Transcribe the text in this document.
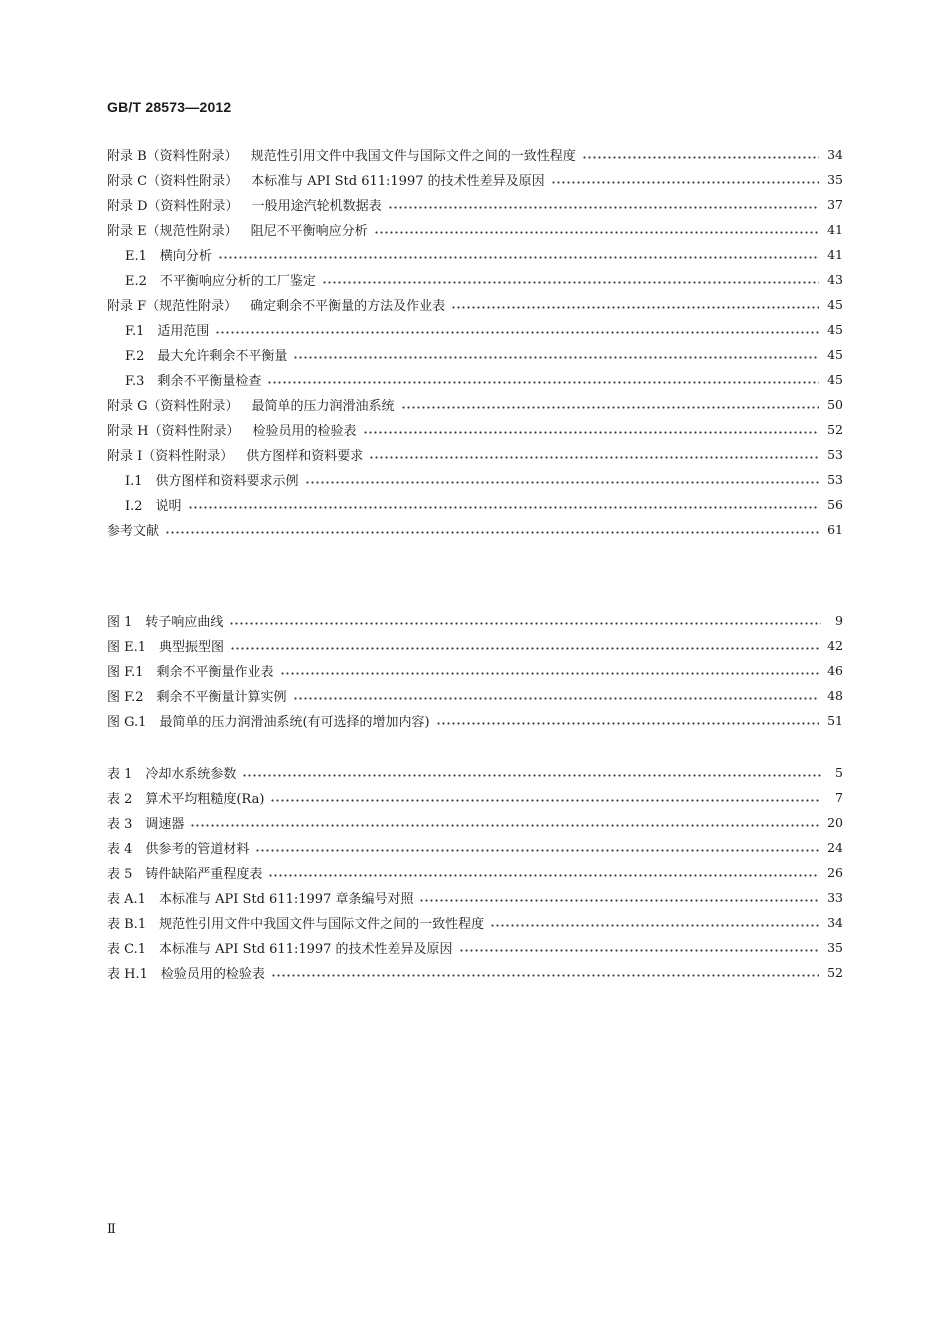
GB/T 28573—2012
附录 B（资料性附录）  规范性引用文件中我国文件与国际文件之间的一致性程度	34
附录 C（资料性附录）  本标准与 API Std 611:1997 的技术性差异及原因	35
附录 D（资料性附录）  一般用途汽轮机数据表	37
附录 E（规范性附录）  阻尼不平衡响应分析	41
E.1  横向分析	41
E.2  不平衡响应分析的工厂鉴定	43
附录 F（规范性附录）  确定剩余不平衡量的方法及作业表	45
F.1  适用范围	45
F.2  最大允许剩余不平衡量	45
F.3  剩余不平衡量检查	45
附录 G（资料性附录）  最简单的压力润滑油系统	50
附录 H（资料性附录）  检验员用的检验表	52
附录 I（资料性附录）  供方图样和资料要求	53
I.1  供方图样和资料要求示例	53
I.2  说明	56
参考文献	61
图 1  转子响应曲线	9
图 E.1  典型振型图	42
图 F.1  剩余不平衡量作业表	46
图 F.2  剩余不平衡量计算实例	48
图 G.1  最简单的压力润滑油系统(有可选择的增加内容)	51
表 1  冷却水系统参数	5
表 2  算术平均粗糙度(Ra)	7
表 3  调速器	20
表 4  供参考的管道材料	24
表 5  铸件缺陷严重程度表	26
表 A.1  本标准与 API Std 611:1997 章条编号对照	33
表 B.1  规范性引用文件中我国文件与国际文件之间的一致性程度	34
表 C.1  本标准与 API Std 611:1997 的技术性差异及原因	35
表 H.1  检验员用的检验表	52
Ⅱ
